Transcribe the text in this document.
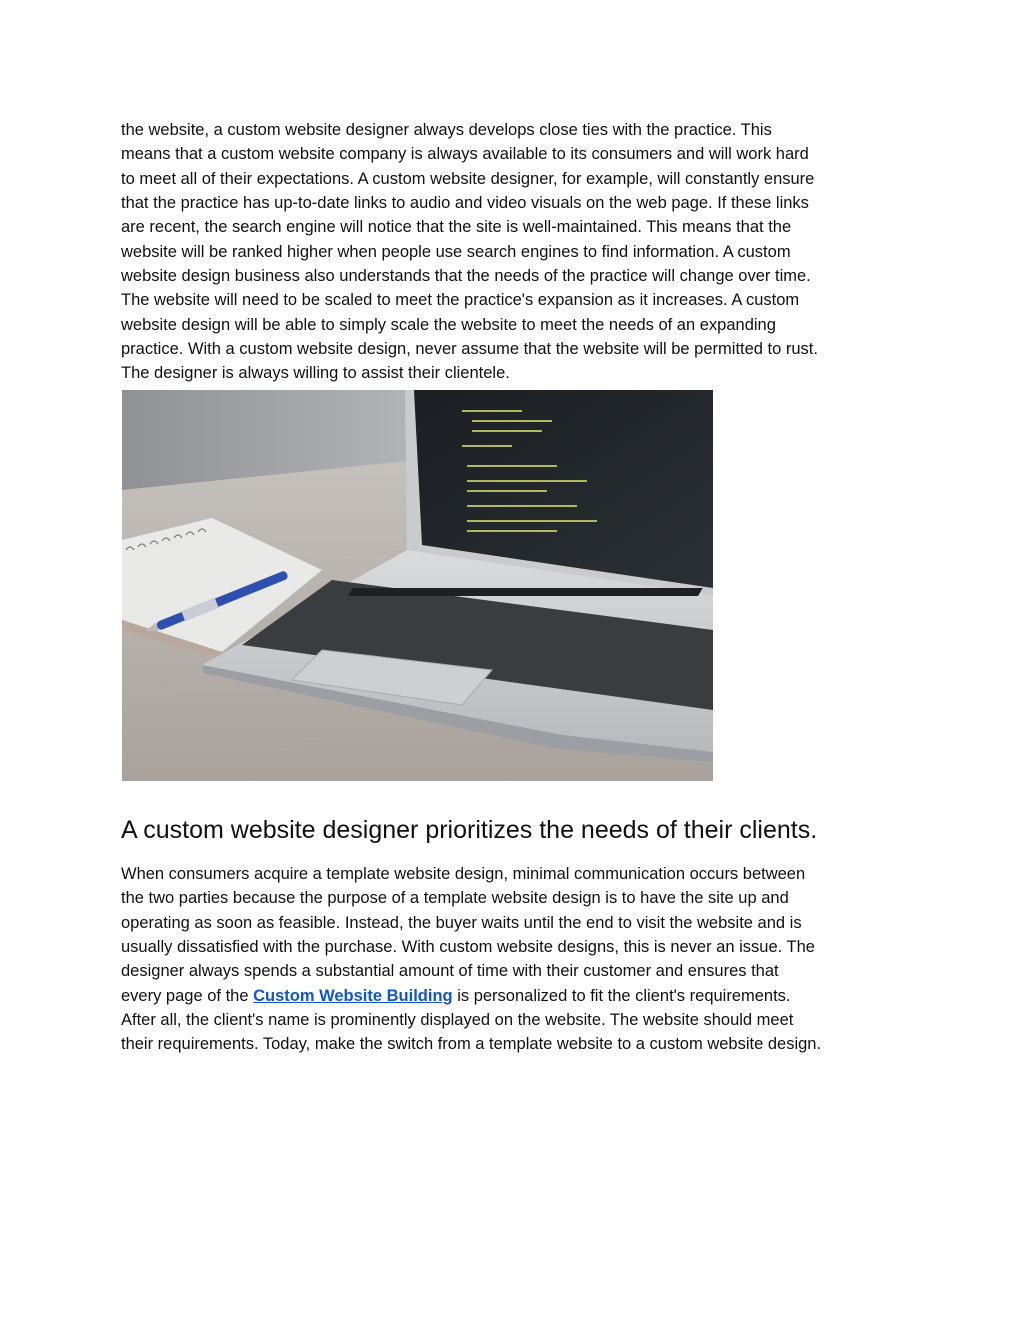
the website, a custom website designer always develops close ties with the practice. This
means that a custom website company is always available to its consumers and will work hard
to meet all of their expectations. A custom website designer, for example, will constantly ensure
that the practice has up-to-date links to audio and video visuals on the web page. If these links
are recent, the search engine will notice that the site is well-maintained. This means that the
website will be ranked higher when people use search engines to find information. A custom
website design business also understands that the needs of the practice will change over time.
The website will need to be scaled to meet the practice's expansion as it increases. A custom
website design will be able to simply scale the website to meet the needs of an expanding
practice. With a custom website design, never assume that the website will be permitted to rust.
The designer is always willing to assist their clientele.

A custom website designer prioritizes the needs of their clients.

When consumers acquire a template website design, minimal communication occurs between
the two parties because the purpose of a template website design is to have the site up and
operating as soon as feasible. Instead, the buyer waits until the end to visit the website and is
usually dissatisfied with the purchase. With custom website designs, this is never an issue. The
designer always spends a substantial amount of time with their customer and ensures that
every page of the Custom Website Building is personalized to fit the client's requirements.
After all, the client's name is prominently displayed on the website. The website should meet
their requirements. Today, make the switch from a template website to a custom website design.
